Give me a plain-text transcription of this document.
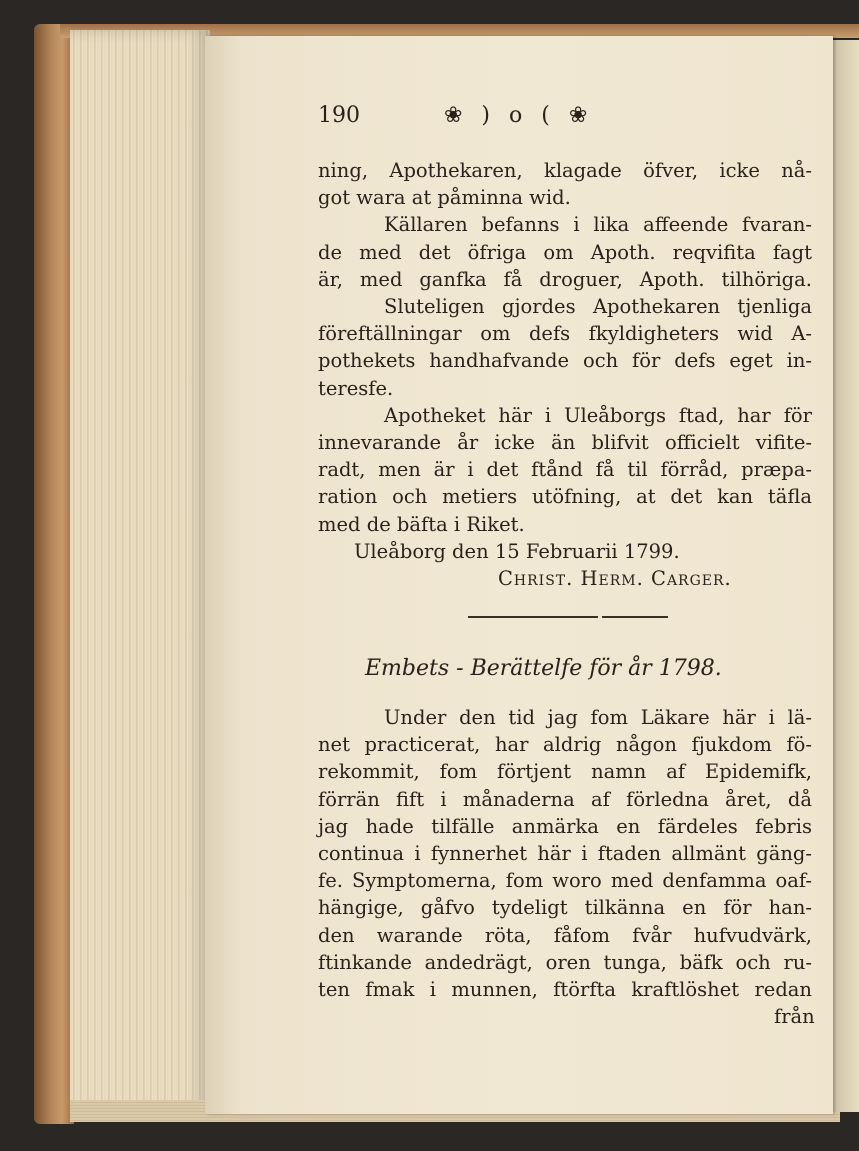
190	❀ ) o ( ❀
ning, Apothekaren, klagade öfver, icke nå-
got wara at påminna wid.
Källaren befanns i lika affeende fvaran-
de med det öfriga om Apoth. reqvifita fagt
är, med ganfka få droguer, Apoth. tilhöriga.
Sluteligen gjordes Apothekaren tjenliga
föreftällningar om defs fkyldigheters wid A-
pothekets handhafvande och för defs eget in-
teresfe.
Apotheket här i Uleåborgs ftad, har för
innevarande år icke än blifvit officielt vifite-
radt, men är i det ftånd få til förråd, præpa-
ration och metiers utöfning, at det kan täfla
med de bäfta i Riket.
Uleåborg den 15 Februarii 1799.
Christ. Herm. Carger.
Embets - Berättelfe för år 1798.
Under den tid jag fom Läkare här i lä-
net practicerat, har aldrig någon fjukdom fö-
rekommit, fom förtjent namn af Epidemifk,
förrän fift i månaderna af förledna året, då
jag hade tilfälle anmärka en färdeles febris
continua i fynnerhet här i ftaden allmänt gäng-
fe. Symptomerna, fom woro med denfamma oaf-
hängige, gåfvo tydeligt tilkänna en för han-
den warande röta, fåfom fvår hufvudvärk,
ftinkande andedrägt, oren tunga, bäfk och ru-
ten fmak i munnen, ftörfta kraftlöshet redan
från
